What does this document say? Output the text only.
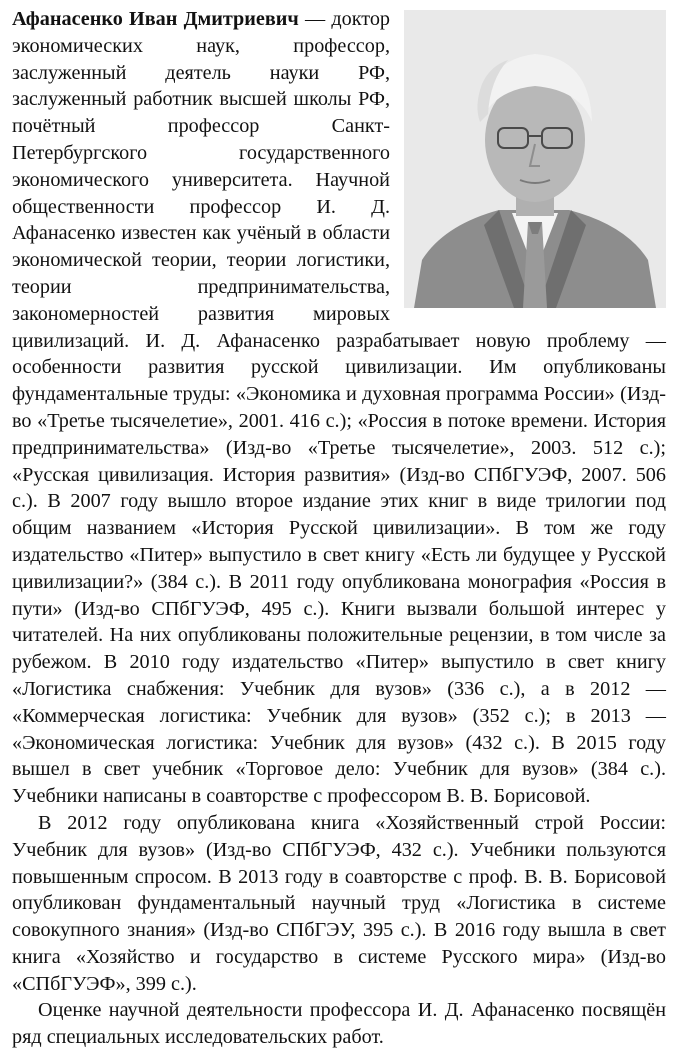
Афанасенко Иван Дмитриевич — доктор экономических наук, профессор, заслуженный деятель науки РФ, заслуженный работник высшей школы РФ, почётный профессор Санкт-Петербургского государственного экономического университета. Научной общественности профессор И. Д. Афанасенко известен как учёный в области экономической теории, теории логистики, теории предпринимательства, закономерностей развития мировых цивилизаций. И. Д. Афанасенко разрабатывает новую проблему — особенности развития русской цивилизации. Им опубликованы фундаментальные труды: «Экономика и духовная программа России» (Изд-во «Третье тысячелетие», 2001. 416 с.); «Россия в потоке времени. История предпринимательства» (Изд-во «Третье тысячелетие», 2003. 512 с.); «Русская цивилизация. История развития» (Изд-во СПбГУЭФ, 2007. 506 с.). В 2007 году вышло второе издание этих книг в виде трилогии под общим названием «История Русской цивилизации». В том же году издательство «Питер» выпустило в свет книгу «Есть ли будущее у Русской цивилизации?» (384 с.). В 2011 году опубликована монография «Россия в пути» (Изд-во СПбГУЭФ, 495 с.). Книги вызвали большой интерес у читателей. На них опубликованы положительные рецензии, в том числе за рубежом. В 2010 году издательство «Питер» выпустило в свет книгу «Логистика снабжения: Учебник для вузов» (336 с.), а в 2012 — «Коммерческая логистика: Учебник для вузов» (352 с.); в 2013 — «Экономическая логистика: Учебник для вузов» (432 с.). В 2015 году вышел в свет учебник «Торговое дело: Учебник для вузов» (384 с.). Учебники написаны в соавторстве с профессором В. В. Борисовой.

В 2012 году опубликована книга «Хозяйственный строй России: Учебник для вузов» (Изд-во СПбГУЭФ, 432 с.). Учебники пользуются повышенным спросом. В 2013 году в соавторстве с проф. В. В. Борисовой опубликован фундаментальный научный труд «Логистика в системе совокупного знания» (Изд-во СПбГЭУ, 395 с.). В 2016 году вышла в свет книга «Хозяйство и государство в системе Русского мира» (Изд-во «СПбГУЭФ», 399 с.).

Оценке научной деятельности профессора И. Д. Афанасенко посвящён ряд специальных исследовательских работ.
